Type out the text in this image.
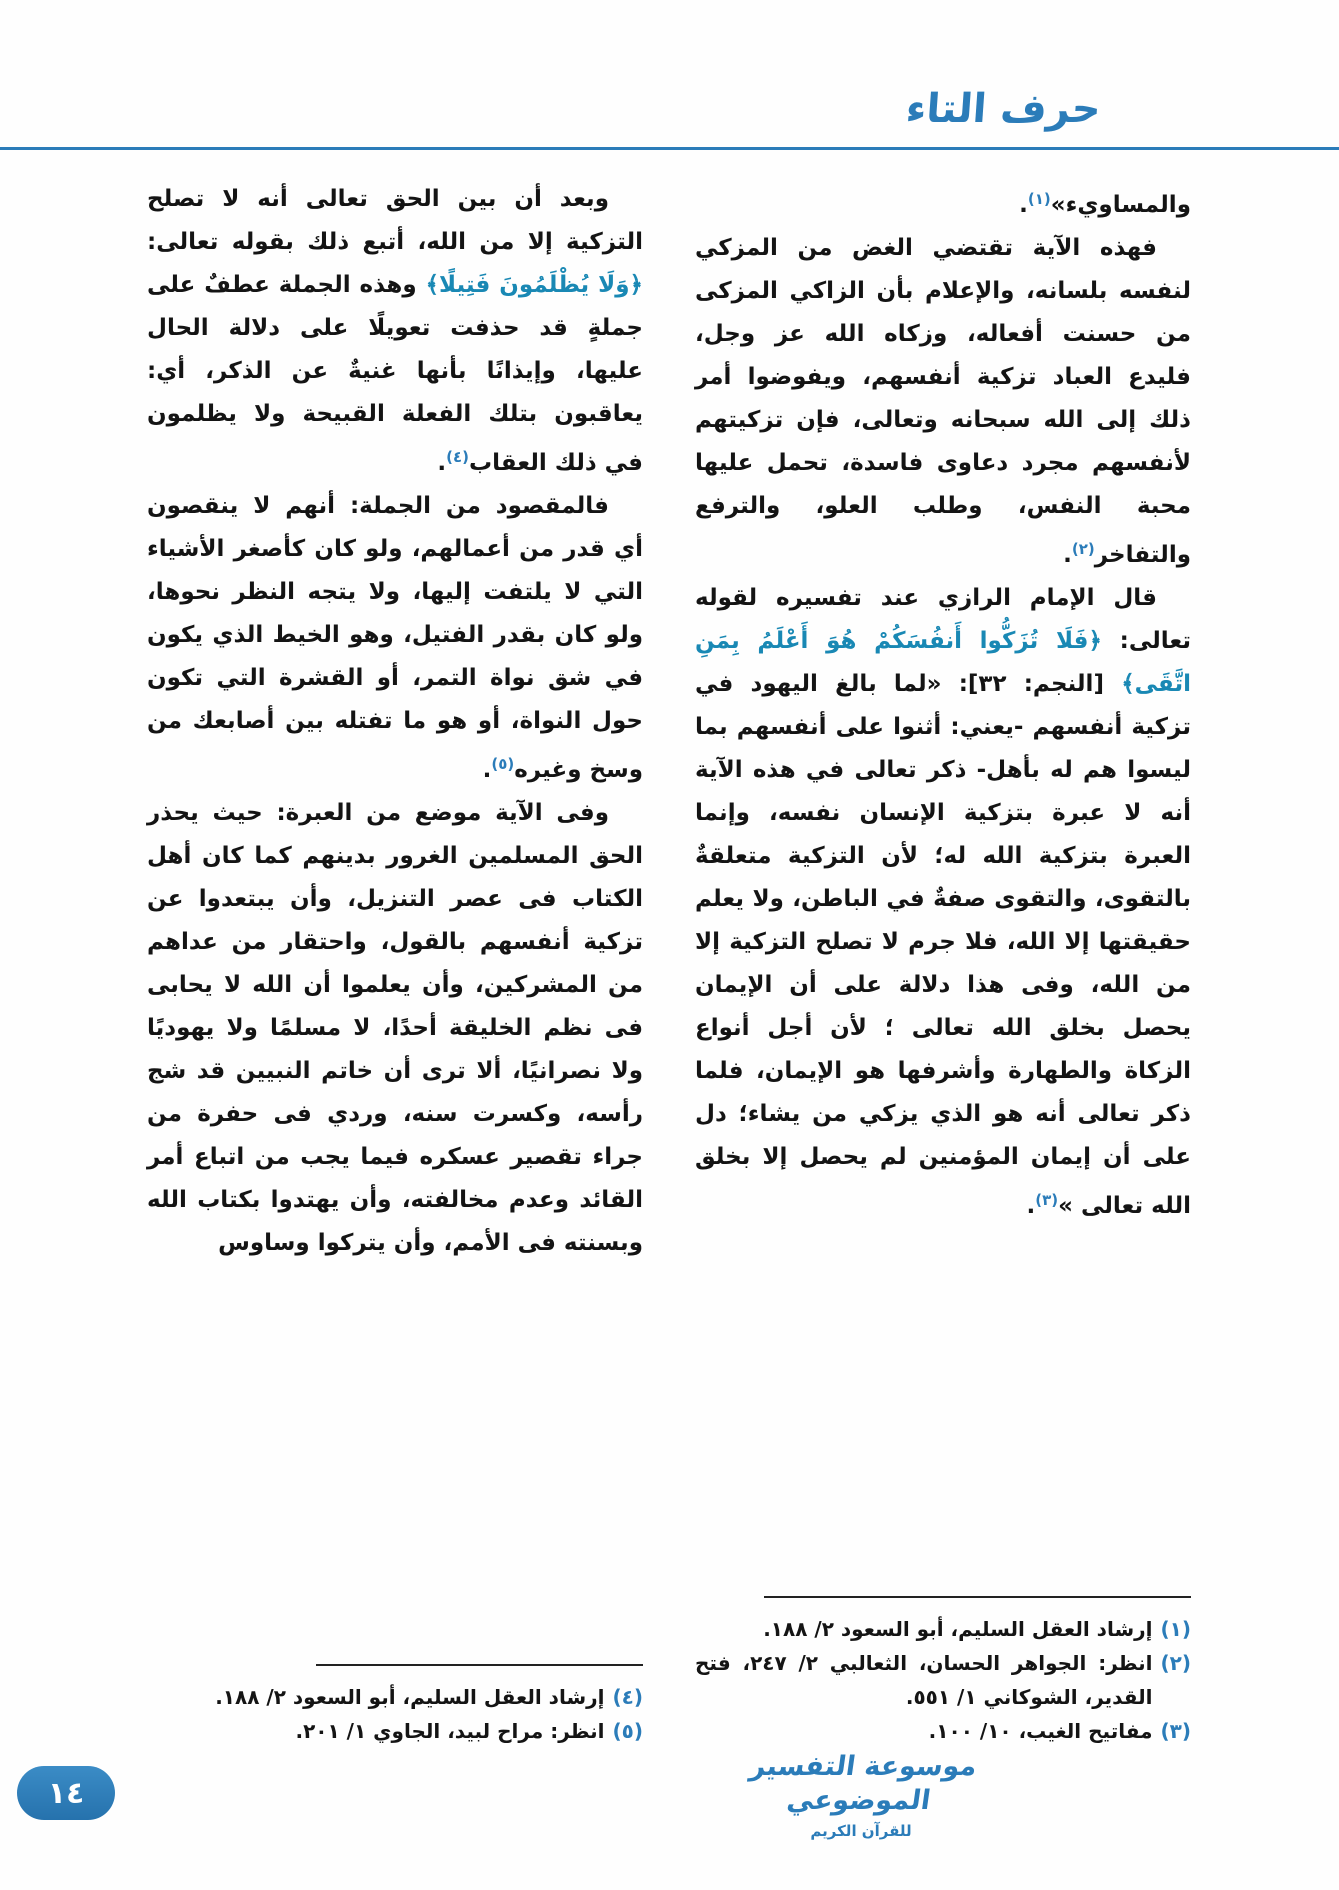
حرف التاء
والمساويء»$^{(١)}$.
فهذه الآية تقتضي الغض من المزكي لنفسه بلسانه، والإعلام بأن الزاكي المزكى من حسنت أفعاله، وزكاه الله عز وجل، فليدع العباد تزكية أنفسهم، ويفوضوا أمر ذلك إلى الله سبحانه وتعالى، فإن تزكيتهم لأنفسهم مجرد دعاوى فاسدة، تحمل عليها محبة النفس، وطلب العلو، والترفع والتفاخر$^{(٢)}$.
قال الإمام الرازي عند تفسيره لقوله تعالى: ﴿فَلَا تُزَكُّوا أَنفُسَكُمْ هُوَ أَعْلَمُ بِمَنِ اتَّقَى﴾ [النجم: ٣٢]: «لما بالغ اليهود في تزكية أنفسهم -يعني: أثنوا على أنفسهم بما ليسوا هم له بأهل- ذكر تعالى في هذه الآية أنه لا عبرة بتزكية الإنسان نفسه، وإنما العبرة بتزكية الله له؛ لأن التزكية متعلقةٌ بالتقوى، والتقوى صفةٌ في الباطن، ولا يعلم حقيقتها إلا الله، فلا جرم لا تصلح التزكية إلا من الله، وفى هذا دلالة على أن الإيمان يحصل بخلق الله تعالى ؛ لأن أجل أنواع الزكاة والطهارة وأشرفها هو الإيمان، فلما ذكر تعالى أنه هو الذي يزكي من يشاء؛ دل على أن إيمان المؤمنين لم يحصل إلا بخلق الله تعالى »$^{(٣)}$.
(١)
إرشاد العقل السليم، أبو السعود ٢/ ١٨٨.
(٢)
انظر: الجواهر الحسان، الثعالبي ٢/ ٢٤٧، فتح القدير، الشوكاني ١/ ٥٥١.
(٣)
مفاتيح الغيب، ١٠/ ١٠٠.
وبعد أن بين الحق تعالى أنه لا تصلح التزكية إلا من الله، أتبع ذلك بقوله تعالى: ﴿وَلَا يُظْلَمُونَ فَتِيلًا﴾ وهذه الجملة عطفٌ على جملةٍ قد حذفت تعويلًا على دلالة الحال عليها، وإيذانًا بأنها غنيةٌ عن الذكر، أي: يعاقبون بتلك الفعلة القبيحة ولا يظلمون في ذلك العقاب$^{(٤)}$.
فالمقصود من الجملة: أنهم لا ينقصون أي قدر من أعمالهم، ولو كان كأصغر الأشياء التي لا يلتفت إليها، ولا يتجه النظر نحوها، ولو كان بقدر الفتيل، وهو الخيط الذي يكون في شق نواة التمر، أو القشرة التي تكون حول النواة، أو هو ما تفتله بين أصابعك من وسخ وغيره$^{(٥)}$.
وفى الآية موضع من العبرة: حيث يحذر الحق المسلمين الغرور بدينهم كما كان أهل الكتاب فى عصر التنزيل، وأن يبتعدوا عن تزكية أنفسهم بالقول، واحتقار من عداهم من المشركين، وأن يعلموا أن الله لا يحابى فى نظم الخليقة أحدًا، لا مسلمًا ولا يهوديًا ولا نصرانيًا، ألا ترى أن خاتم النبيين قد شج رأسه، وكسرت سنه، وردي فى حفرة من جراء تقصير عسكره فيما يجب من اتباع أمر القائد وعدم مخالفته، وأن يهتدوا بكتاب الله وبسنته فى الأمم، وأن يتركوا وساوس
(٤)
إرشاد العقل السليم، أبو السعود ٢/ ١٨٨.
(٥)
انظر: مراح لبيد، الجاوي ١/ ٢٠١.
موسوعة التفسير الموضوعي
للقرآن الكريم
١٤
